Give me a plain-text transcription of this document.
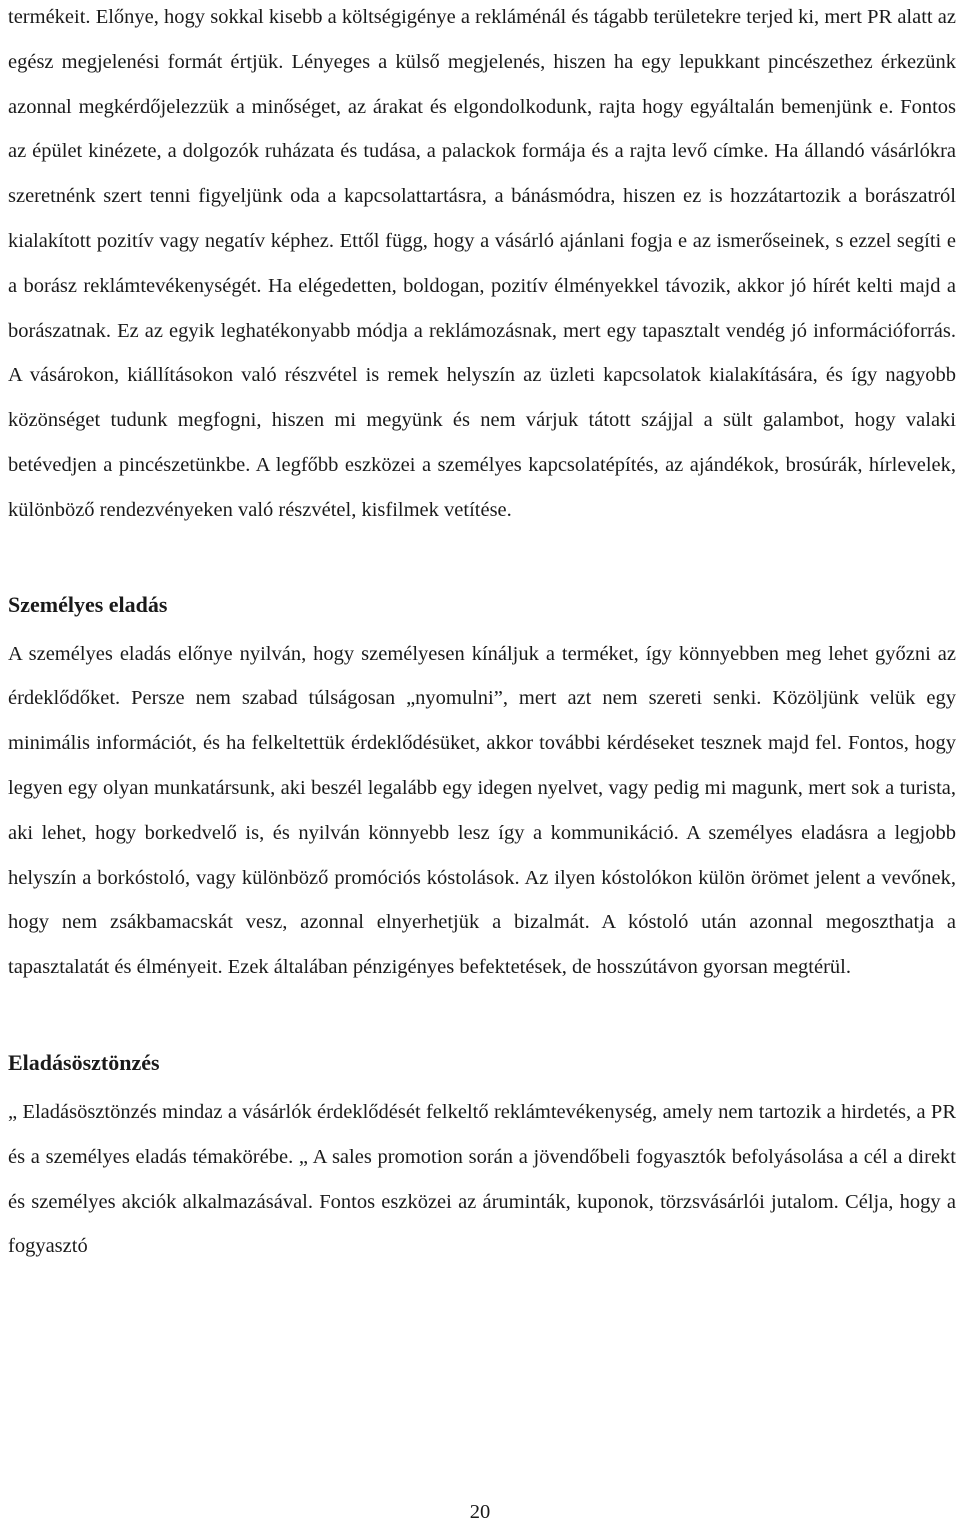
termékeit. Előnye, hogy sokkal kisebb a költségigénye a rekláménál és tágabb területekre terjed ki, mert PR alatt az egész megjelenési formát értjük. Lényeges a külső megjelenés, hiszen ha egy lepukkant pincészethez érkezünk azonnal megkérdőjelezzük a minőséget, az árakat és elgondolkodunk, rajta hogy egyáltalán bemenjünk e. Fontos az épület kinézete, a dolgozók ruházata és tudása, a palackok formája és a rajta levő címke. Ha állandó vásárlókra szeretnénk szert tenni figyeljünk oda a kapcsolattartásra, a bánásmódra, hiszen ez is hozzátartozik a borászatról kialakított pozitív vagy negatív képhez. Ettől függ, hogy a vásárló ajánlani fogja e az ismerőseinek, s ezzel segíti e a borász reklámtevékenységét. Ha elégedetten, boldogan, pozitív élményekkel távozik, akkor jó hírét kelti majd a borászatnak. Ez az egyik leghatékonyabb módja a reklámozásnak, mert egy tapasztalt vendég jó információforrás. A vásárokon, kiállításokon való részvétel is remek helyszín az üzleti kapcsolatok kialakítására, és így nagyobb közönséget tudunk megfogni, hiszen mi megyünk és nem várjuk tátott szájjal a sült galambot, hogy valaki betévedjen a pincészetünkbe. A legfőbb eszközei a személyes kapcsolatépítés, az ajándékok, brosúrák, hírlevelek, különböző rendezvényeken való részvétel, kisfilmek vetítése.

Személyes eladás

A személyes eladás előnye nyilván, hogy személyesen kínáljuk a terméket, így könnyebben meg lehet győzni az érdeklődőket. Persze nem szabad túlságosan „nyomulni”, mert azt nem szereti senki. Közöljünk velük egy minimális információt, és ha felkeltettük érdeklődésüket, akkor további kérdéseket tesznek majd fel. Fontos, hogy legyen egy olyan munkatársunk, aki beszél legalább egy idegen nyelvet, vagy pedig mi magunk, mert sok a turista, aki lehet, hogy borkedvelő is, és nyilván könnyebb lesz így a kommunikáció. A személyes eladásra a legjobb helyszín a borkóstoló, vagy különböző promóciós kóstolások. Az ilyen kóstolókon külön örömet jelent a vevőnek, hogy nem zsákbamacskát vesz, azonnal elnyerhetjük a bizalmát. A kóstoló után azonnal megoszthatja a tapasztalatát és élményeit. Ezek általában pénzigényes befektetések, de hosszútávon gyorsan megtérül.

Eladásösztönzés

„ Eladásösztönzés mindaz a vásárlók érdeklődését felkeltő reklámtevékenység, amely nem tartozik a hirdetés, a PR és a személyes eladás témakörébe. „ A sales promotion során a jövendőbeli fogyasztók befolyásolása a cél a direkt és személyes akciók alkalmazásával. Fontos eszközei az áruminták, kuponok, törzsvásárlói jutalom. Célja, hogy a fogyasztó

20
